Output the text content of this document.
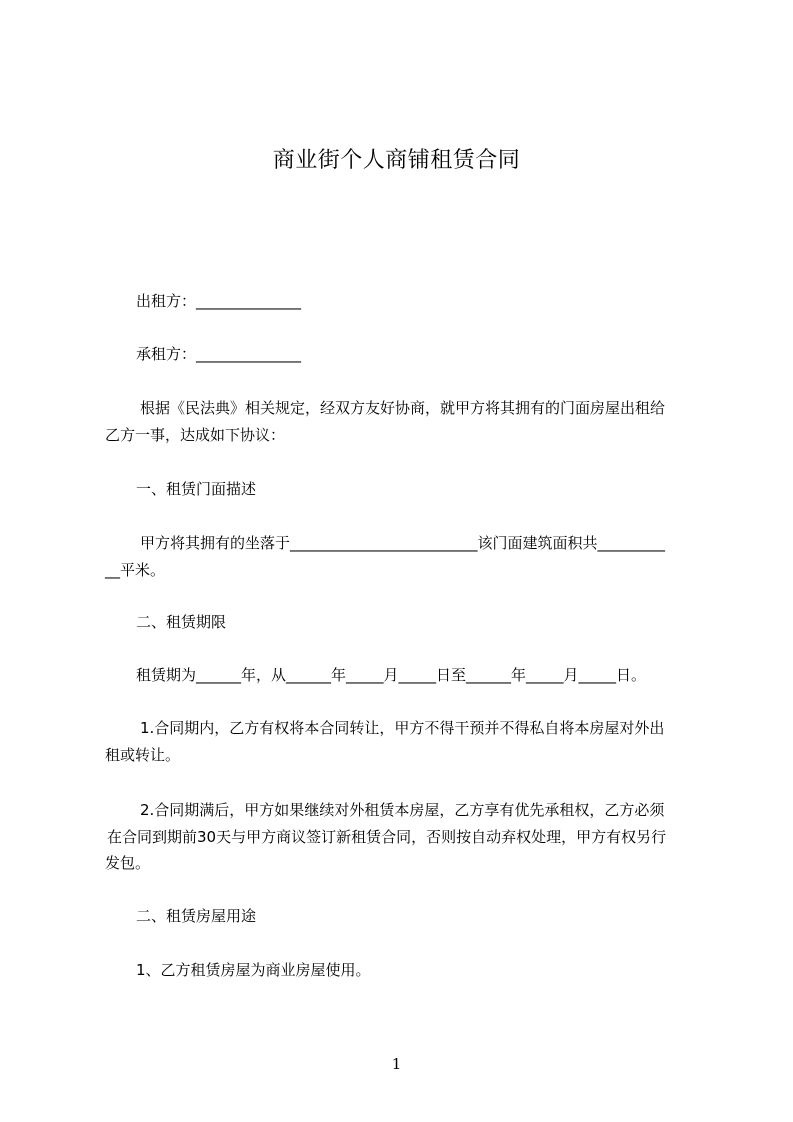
商业街个人商铺租赁合同

出租方：______________

承租方：______________

根据《民法典》相关规定，经双方友好协商，就甲方将其拥有的门面房屋出租给

乙方一事，达成如下协议：

一、租赁门面描述

甲方将其拥有的坐落于_________________________该门面建筑面积共_________

__平米。

二、租赁期限

租赁期为______年，从______年_____月_____日至______年_____月_____日。

1.合同期内，乙方有权将本合同转让，甲方不得干预并不得私自将本房屋对外出

租或转让。

2.合同期满后，甲方如果继续对外租赁本房屋，乙方享有优先承租权，乙方必须

在合同到期前30天与甲方商议签订新租赁合同，否则按自动弃权处理，甲方有权另行

发包。

二、租赁房屋用途

1、乙方租赁房屋为商业房屋使用。

1
